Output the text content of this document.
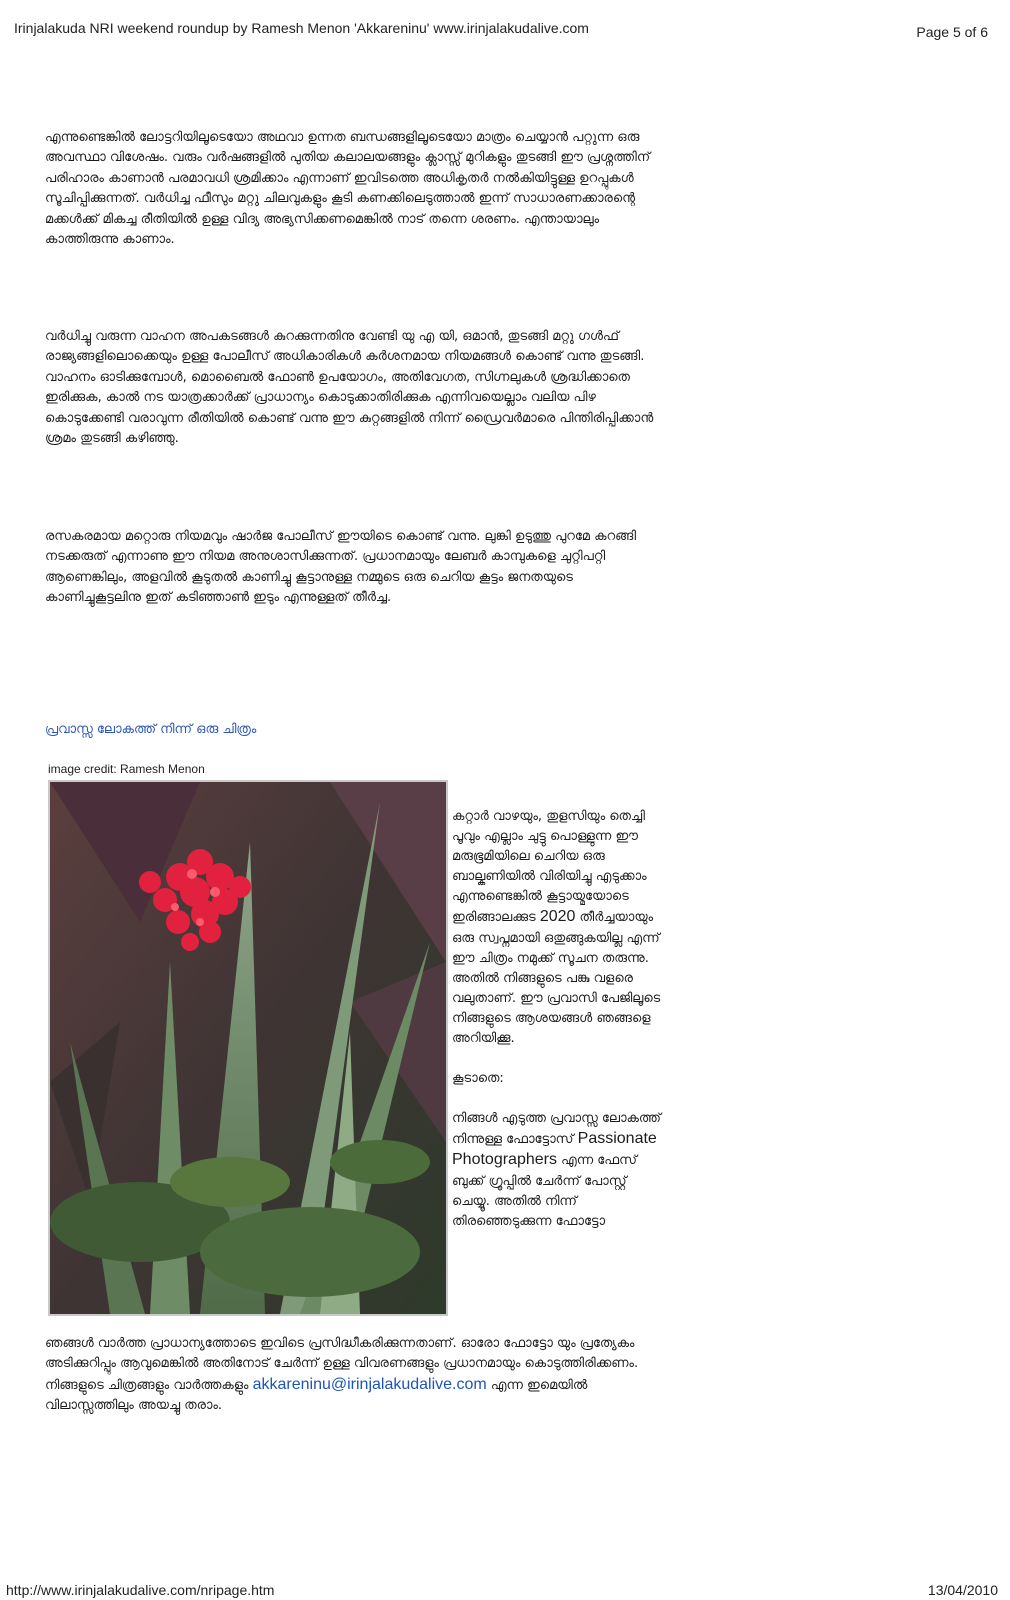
Irinjalakuda NRI weekend roundup by Ramesh Menon 'Akkareninu' www.irinjalakudalive.com	Page 5 of 6

എന്നുണ്ടെങ്കിൽ ലോട്ടറിയിലൂടെയോ അഥവാ ഉന്നത ബന്ധങ്ങളിലൂടെയോ മാത്രം ചെയ്യാൻ പറ്റുന്ന ഒരു അവസ്ഥാ വിശേഷം. വരും വർഷങ്ങളിൽ പുതിയ കലാലയങ്ങളും ക്ലാസ്സ്‌ മുറികളും തുടങ്ങി ഈ പ്രശ്നത്തിന് പരിഹാരം കാണാൻ പരമാവധി ശ്രമിക്കാം എന്നാണ് ഇവിടത്തെ അധികൃതർ നൽകിയിട്ടുള്ള ഉറപ്പുകൾ സൂചിപ്പിക്കുന്നത്. വർധിച്ച ഫീസും മറ്റു ചിലവുകളും കൂടി കണക്കിലെടുത്താൽ ഇന്ന് സാധാരണക്കാരന്റെ മക്കൾക്ക്‌ മികച്ച രീതിയിൽ ഉള്ള വിദ്യ അഭ്യസിക്കണമെങ്കിൽ നാട് തന്നെ ശരണം. എന്തായാലും കാത്തിരുന്നു കാണാം.

വർധിച്ചു വരുന്ന വാഹന അപകടങ്ങൾ കുറക്കുന്നതിനു വേണ്ടി യു എ യി, ഒമാൻ, തുടങ്ങി മറ്റു ഗൾഫ്‌ രാജ്യങ്ങളിലൊക്കെയും ഉള്ള പോലീസ് അധികാരികൾ കർശനമായ നിയമങ്ങൾ കൊണ്ട് വന്നു തുടങ്ങി. വാഹനം ഓടിക്കുമ്പോൾ, മൊബൈൽ ഫോൺ ഉപയോഗം, അതിവേഗത, സിഗ്നലുകൾ ശ്രദ്ധിക്കാതെ ഇരിക്കുക, കാൽ നട യാത്രക്കാർക്ക് പ്രാധാന്യം കൊടുക്കാതിരിക്കുക എന്നിവയെല്ലാം വലിയ പിഴ കൊടുക്കേണ്ടി വരാവുന്ന രീതിയിൽ കൊണ്ട് വന്നു ഈ കുറ്റങ്ങളിൽ നിന്ന് ഡ്രൈവർമാരെ പിന്തിരിപ്പിക്കാൻ ശ്രമം തുടങ്ങി കഴിഞ്ഞു.

രസകരമായ മറ്റൊരു നിയമവും ഷാർജ പോലീസ് ഈയിടെ കൊണ്ട് വന്നു. ലുങ്കി ഉടുത്തു പുറമേ കറങ്ങി നടക്കരുത് എന്നാണു ഈ നിയമ അനുശാസിക്കുന്നത്. പ്രധാനമായും ലേബർ കാമ്പുകളെ ചുറ്റിപറ്റി ആണെങ്കിലും, അളവിൽ കൂടുതൽ കാണിച്ചു കൂട്ടാനുള്ള നമ്മുടെ ഒരു ചെറിയ കൂട്ടം ജനതയുടെ കാണിച്ചുകൂട്ടലിനു ഇത് കടിഞ്ഞാൺ ഇടും എന്നുള്ളത് തീർച്ച.

പ്രവാസ്സ ലോകത്ത് നിന്ന് ഒരു ചിത്രം
image credit: Ramesh Menon

കറ്റാർ വാഴയും, തുളസിയും തെച്ചി പൂവും എല്ലാം ചുട്ടു പൊള്ളുന്ന ഈ മരുഭൂമിയിലെ ചെറിയ ഒരു ബാല്കണിയിൽ വിരിയിച്ചു എടുക്കാം എന്നുണ്ടെങ്കിൽ കൂട്ടായ്മയോടെ ഇരിങ്ങാലക്കുട 2020 തീർച്ചയായും ഒരു സ്വപ്നമായി ഒതുങ്ങുകയില്ല എന്ന് ഈ ചിത്രം നമുക്ക് സൂചന തരുന്നു. അതിൽ നിങ്ങളുടെ പങ്കു വളരെ വലുതാണ്‌. ഈ പ്രവാസി പേജിലൂടെ നിങ്ങളുടെ ആശയങ്ങൾ ഞങ്ങളെ അറിയിക്കൂ.

കൂടാതെ:

നിങ്ങൾ എടുത്ത പ്രവാസ്സ ലോകത്ത് നിന്നുള്ള ഫോട്ടോസ് Passionate Photographers എന്ന ഫേസ് ബുക്ക്‌ ഗ്രൂപ്പിൽ ചേർന്ന് പോസ്റ്റ്‌ ചെയ്യൂ. അതിൽ നിന്ന് തിരഞ്ഞെടുക്കുന്ന ഫോട്ടോ

ഞങ്ങൾ വാർത്ത പ്രാധാന്യത്തോടെ ഇവിടെ പ്രസിദ്ധീകരിക്കുന്നതാണ്. ഓരോ ഫോട്ടോ യും പ്രത്യേകം അടിക്കുറിപ്പും ആവുമെങ്കിൽ അതിനോട് ചേർന്ന് ഉള്ള വിവരണങ്ങളും പ്രധാനമായും കൊടുത്തിരിക്കണം. നിങ്ങളുടെ ചിത്രങ്ങളും വാർത്തകളും akkareninu@irinjalakudalive.com എന്ന ഇമെയിൽ വിലാസ്സത്തിലും അയച്ചു തരാം.

http://www.irinjalakudalive.com/nripage.htm	13/04/2010
